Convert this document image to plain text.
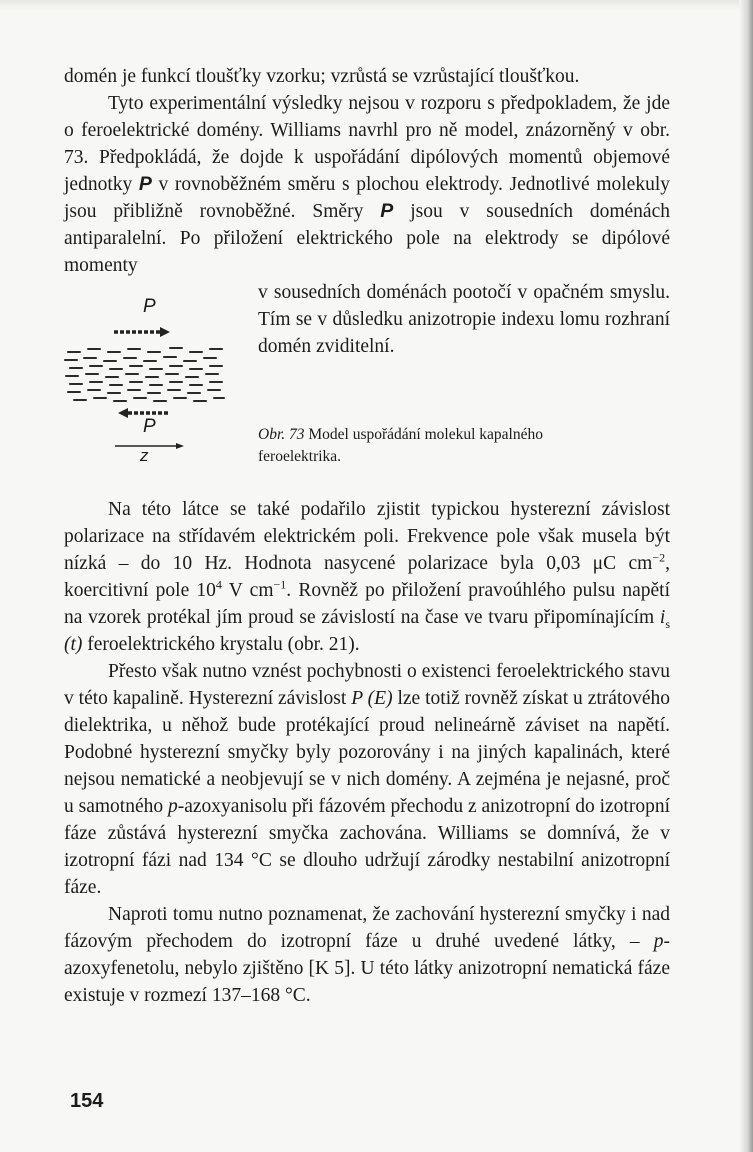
domén je funkcí tloušťky vzorku; vzrůstá se vzrůstající tloušťkou.

Tyto experimentální výsledky nejsou v rozporu s předpokladem, že jde o feroelektrické domény. Williams navrhl pro ně model, znázorněný v obr. 73. Předpokládá, že dojde k uspořádání dipólových momentů objemové jednotky P v rovnoběžném směru s plochou elektrody. Jednotlivé molekuly jsou přibližně rovnoběžné. Směry P jsou v sousedních doménách antiparalelní. Po přiložení elektrického pole na elektrody se dipólové momenty

v sousedních doménách pootočí v opačném smyslu. Tím se v důsledku anizotropie indexu lomu rozhraní domén zviditelní.
P
P
z
Obr. 73 Model uspořádání molekul kapalného feroelektrika.

Na této látce se také podařilo zjistit typickou hysterezní závislost polarizace na střídavém elektrickém poli. Frekvence pole však musela být nízká – do 10 Hz. Hodnota nasycené polarizace byla 0,03 μC $cm^{-2}$, koercitivní pole $10^4$ V $cm^{-1}$. Rovněž po přiložení pravoúhlého pulsu napětí na vzorek protékal jím proud se závislostí na čase ve tvaru připomínajícím $i_s$ (t) feroelektrického krystalu (obr. 21).

Přesto však nutno vznést pochybnosti o existenci feroelektrického stavu v této kapalině. Hysterezní závislost P (E) lze totiž rovněž získat u ztrátového dielektrika, u něhož bude protékající proud nelineárně záviset na napětí. Podobné hysterezní smyčky byly pozorovány i na jiných kapalinách, které nejsou nematické a neobjevují se v nich domény. A zejména je nejasné, proč u samotného p-azoxyanisolu při fázovém přechodu z anizotropní do izotropní fáze zůstává hysterezní smyčka zachována. Williams se domnívá, že v izotropní fázi nad 134 °C se dlouho udržují zárodky nestabilní anizotropní fáze.

Naproti tomu nutno poznamenat, že zachování hysterezní smyčky i nad fázovým přechodem do izotropní fáze u druhé uvedené látky, – p-azoxyfenetolu, nebylo zjištěno [K 5]. U této látky anizotropní nematická fáze existuje v rozmezí 137–168 °C.

154
